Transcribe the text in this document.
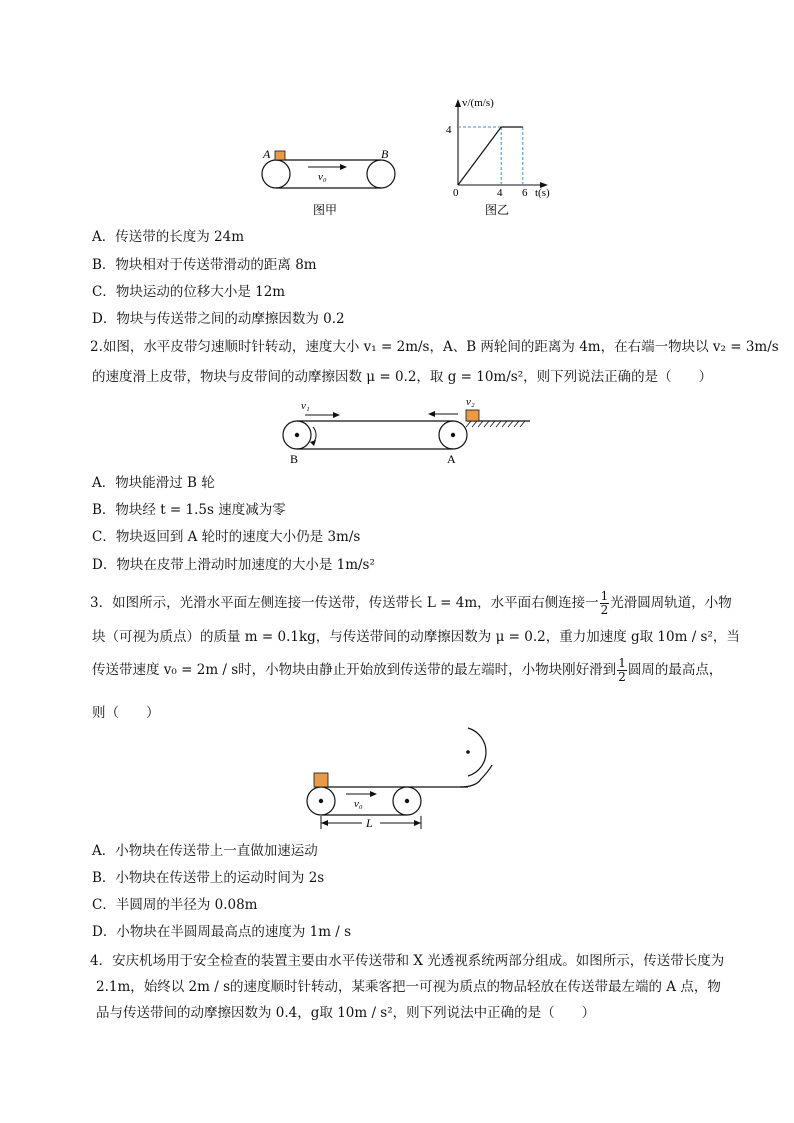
A	B
v₀
图甲
v/(m/s)
4
0	4 6 t(s)
图乙
A．传送带的长度为 24m
B．物块相对于传送带滑动的距离 8m
C．物块运动的位移大小是 12m
D．物块与传送带之间的动摩擦因数为 0.2
2.如图，水平皮带匀速顺时针转动，速度大小 v₁ = 2m/s，A、B 两轮间的距离为 4m，在右端一物块以 v₂ = 3m/s
的速度滑上皮带，物块与皮带间的动摩擦因数 μ = 0.2，取 g = 10m/s²，则下列说法正确的是（　　）
v₁	v₂
B	A
A．物块能滑过 B 轮
B．物块经 t = 1.5s 速度减为零
C．物块返回到 A 轮时的速度大小仍是 3m/s
D．物块在皮带上滑动时加速度的大小是 1m/s²
3．如图所示，光滑水平面左侧连接一传送带，传送带长 L = 4m，水平面右侧连接一 $\frac{1}{2}$ 光滑圆周轨道，小物
块（可视为质点）的质量 m = 0.1kg，与传送带间的动摩擦因数为 μ = 0.2，重力加速度 g取 10m / s²，当
传送带速度 v₀ = 2m / s时，小物块由静止开始放到传送带的最左端时，小物块刚好滑到 $\frac{1}{2}$ 圆周的最高点，
则（　　）
v₀
L
A．小物块在传送带上一直做加速运动
B．小物块在传送带上的运动时间为 2s
C．半圆周的半径为 0.08m
D．小物块在半圆周最高点的速度为 1m / s
4．安庆机场用于安全检查的装置主要由水平传送带和 X 光透视系统两部分组成。如图所示，传送带长度为
2.1m，始终以 2m / s的速度顺时针转动，某乘客把一可视为质点的物品轻放在传送带最左端的 A 点，物
品与传送带间的动摩擦因数为 0.4，g取 10m / s²，则下列说法中正确的是（　　）
